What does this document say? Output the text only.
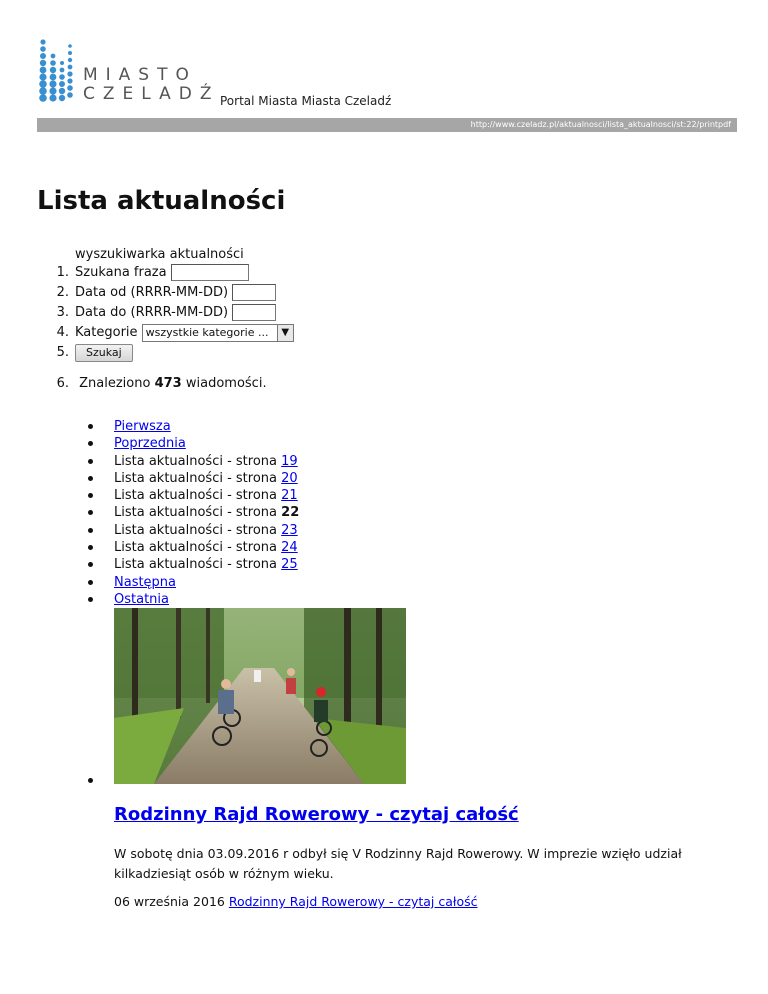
MIASTO
CZELADŹ Portal Miasta Miasta Czeladź
http://www.czeladz.pl/aktualnosci/lista_aktualnosci/st:22/printpdf
Lista aktualności
wyszukiwarka aktualności
1. Szukana fraza
2. Data od (RRRR-MM-DD)
3. Data do (RRRR-MM-DD)
4. Kategorie wszystkie kategorie ...	▼
5.	Szukaj
6. Znaleziono 473 wiadomości.
Pierwsza
Poprzednia
Lista aktualności - strona 19
Lista aktualności - strona 20
Lista aktualności - strona 21
Lista aktualności - strona 22
Lista aktualności - strona 23
Lista aktualności - strona 24
Lista aktualności - strona 25
Następna
Ostatnia
Rodzinny Rajd Rowerowy - czytaj całość
W sobotę dnia 03.09.2016 r odbył się V Rodzinny Rajd Rowerowy. W imprezie wzięło udział kilkadziesiąt osób w różnym wieku.
06 września 2016 Rodzinny Rajd Rowerowy - czytaj całość
